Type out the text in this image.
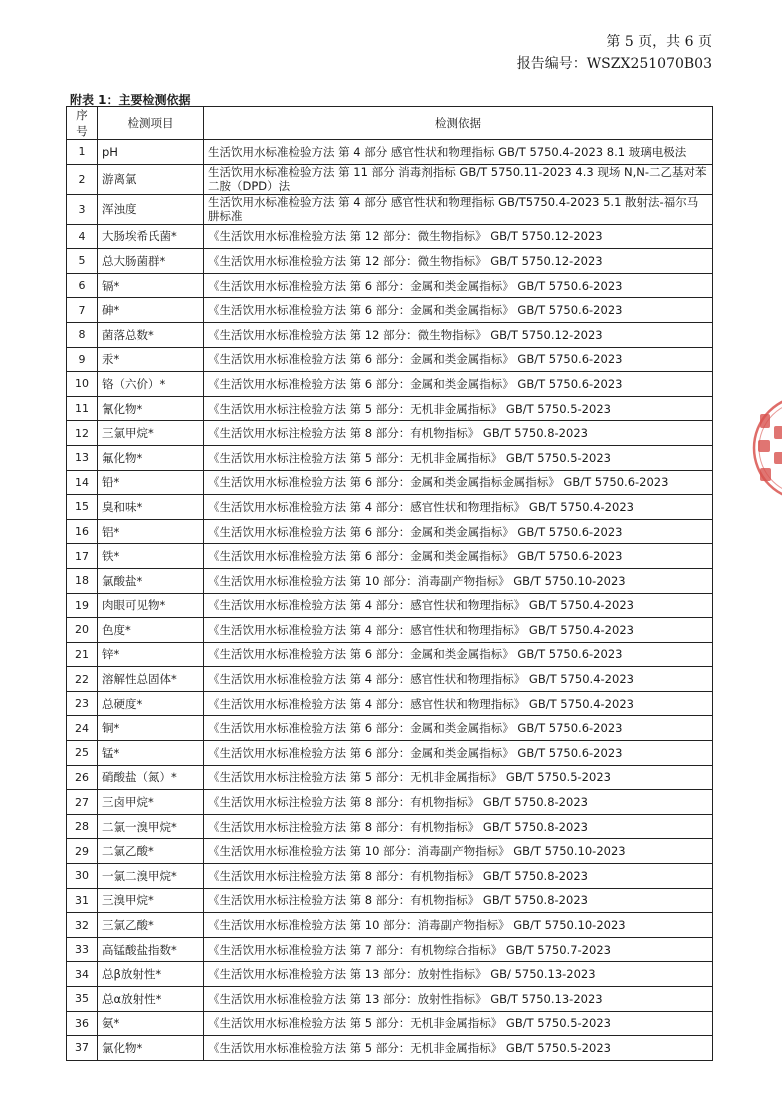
第 5 页，共 6 页
报告编号：WSZX251070B03
附表 1：主要检测依据
序号	检测项目	检测依据
1	pH	生活饮用水标准检验方法 第 4 部分 感官性状和物理指标 GB/T 5750.4-2023 8.1 玻璃电极法
2	游离氯	生活饮用水标准检验方法 第 11 部分 消毒剂指标 GB/T 5750.11-2023 4.3 现场 N,N-二乙基对苯二胺（DPD）法
3	浑浊度	生活饮用水标准检验方法 第 4 部分 感官性状和物理指标 GB/T5750.4-2023 5.1 散射法-福尔马肼标准
4	大肠埃希氏菌*	《生活饮用水标准检验方法 第 12 部分：微生物指标》 GB/T 5750.12-2023
5	总大肠菌群*	《生活饮用水标准检验方法 第 12 部分：微生物指标》 GB/T 5750.12-2023
6	镉*	《生活饮用水标准检验方法 第 6 部分：金属和类金属指标》 GB/T 5750.6-2023
7	砷*	《生活饮用水标准检验方法 第 6 部分：金属和类金属指标》 GB/T 5750.6-2023
8	菌落总数*	《生活饮用水标准检验方法 第 12 部分：微生物指标》 GB/T 5750.12-2023
9	汞*	《生活饮用水标准检验方法 第 6 部分：金属和类金属指标》 GB/T 5750.6-2023
10	铬（六价）*	《生活饮用水标准检验方法 第 6 部分：金属和类金属指标》 GB/T 5750.6-2023
11	氰化物*	《生活饮用水标注检验方法 第 5 部分：无机非金属指标》 GB/T 5750.5-2023
12	三氯甲烷*	《生活饮用水标注检验方法 第 8 部分：有机物指标》 GB/T 5750.8-2023
13	氟化物*	《生活饮用水标注检验方法 第 5 部分：无机非金属指标》 GB/T 5750.5-2023
14	铅*	《生活饮用水标准检验方法 第 6 部分：金属和类金属指标金属指标》 GB/T 5750.6-2023
15	臭和味*	《生活饮用水标准检验方法 第 4 部分：感官性状和物理指标》 GB/T 5750.4-2023
16	铝*	《生活饮用水标准检验方法 第 6 部分：金属和类金属指标》 GB/T 5750.6-2023
17	铁*	《生活饮用水标准检验方法 第 6 部分：金属和类金属指标》 GB/T 5750.6-2023
18	氯酸盐*	《生活饮用水标准检验方法 第 10 部分：消毒副产物指标》 GB/T 5750.10-2023
19	肉眼可见物*	《生活饮用水标准检验方法 第 4 部分：感官性状和物理指标》 GB/T 5750.4-2023
20	色度*	《生活饮用水标准检验方法 第 4 部分：感官性状和物理指标》 GB/T 5750.4-2023
21	锌*	《生活饮用水标准检验方法 第 6 部分：金属和类金属指标》 GB/T 5750.6-2023
22	溶解性总固体*	《生活饮用水标准检验方法 第 4 部分：感官性状和物理指标》 GB/T 5750.4-2023
23	总硬度*	《生活饮用水标准检验方法 第 4 部分：感官性状和物理指标》 GB/T 5750.4-2023
24	铜*	《生活饮用水标准检验方法 第 6 部分：金属和类金属指标》 GB/T 5750.6-2023
25	锰*	《生活饮用水标准检验方法 第 6 部分：金属和类金属指标》 GB/T 5750.6-2023
26	硝酸盐（氮）*	《生活饮用水标注检验方法 第 5 部分：无机非金属指标》 GB/T 5750.5-2023
27	三卤甲烷*	《生活饮用水标注检验方法 第 8 部分：有机物指标》 GB/T 5750.8-2023
28	二氯一溴甲烷*	《生活饮用水标注检验方法 第 8 部分：有机物指标》 GB/T 5750.8-2023
29	二氯乙酸*	《生活饮用水标准检验方法 第 10 部分：消毒副产物指标》 GB/T 5750.10-2023
30	一氯二溴甲烷*	《生活饮用水标注检验方法 第 8 部分：有机物指标》 GB/T 5750.8-2023
31	三溴甲烷*	《生活饮用水标注检验方法 第 8 部分：有机物指标》 GB/T 5750.8-2023
32	三氯乙酸*	《生活饮用水标准检验方法 第 10 部分：消毒副产物指标》 GB/T 5750.10-2023
33	高锰酸盐指数*	《生活饮用水标准检验方法 第 7 部分：有机物综合指标》 GB/T 5750.7-2023
34	总β放射性*	《生活饮用水标准检验方法 第 13 部分：放射性指标》 GB/ 5750.13-2023
35	总α放射性*	《生活饮用水标准检验方法 第 13 部分：放射性指标》 GB/T 5750.13-2023
36	氨*	《生活饮用水标准检验方法 第 5 部分：无机非金属指标》 GB/T 5750.5-2023
37	氯化物*	《生活饮用水标准检验方法 第 5 部分：无机非金属指标》 GB/T 5750.5-2023
